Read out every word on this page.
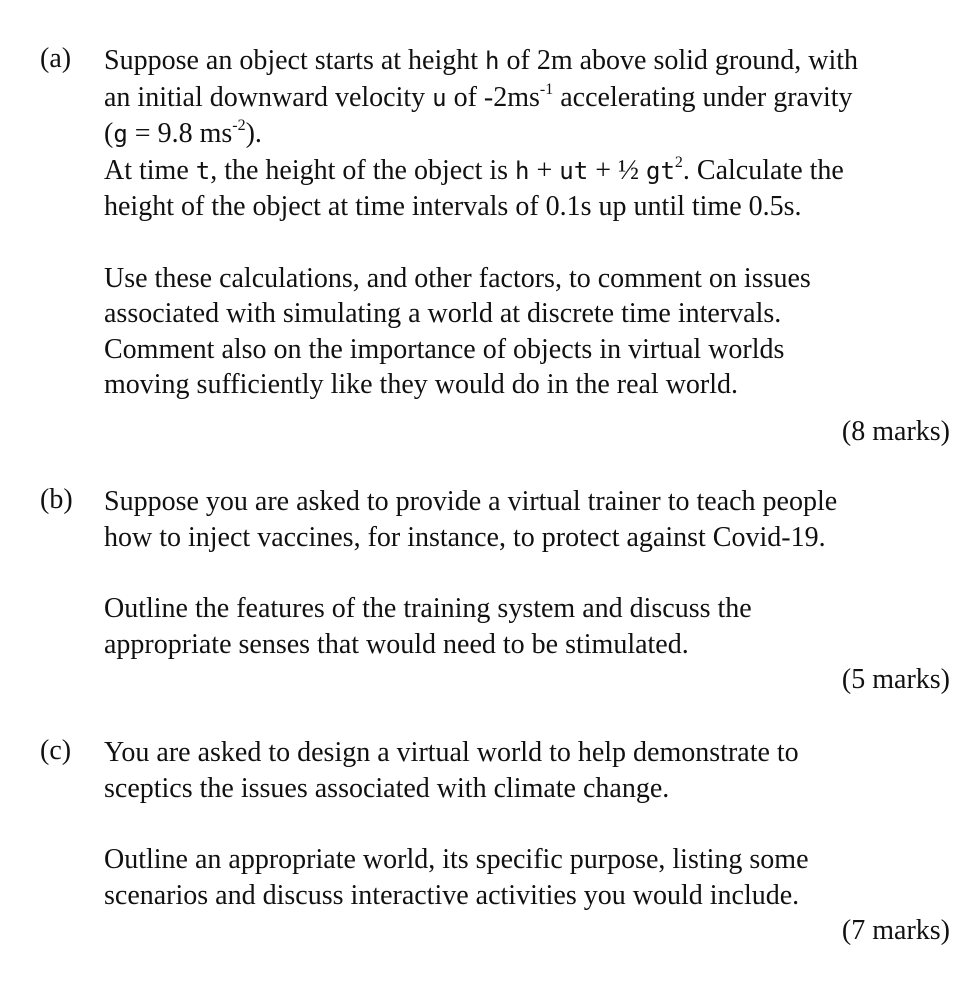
(a) Suppose an object starts at height h of 2m above solid ground, with
an initial downward velocity u of $-2ms^{-1}$ accelerating under gravity
(g = 9.8 $ms^{-2}$).
At time t, the height of the object is h + ut + ½ $gt^2$. Calculate the
height of the object at time intervals of 0.1s up until time 0.5s.
Use these calculations, and other factors, to comment on issues
associated with simulating a world at discrete time intervals.
Comment also on the importance of objects in virtual worlds
moving sufficiently like they would do in the real world.
(8 marks)
(b) Suppose you are asked to provide a virtual trainer to teach people
how to inject vaccines, for instance, to protect against Covid-19.
Outline the features of the training system and discuss the
appropriate senses that would need to be stimulated.
(5 marks)
(c) You are asked to design a virtual world to help demonstrate to
sceptics the issues associated with climate change.
Outline an appropriate world, its specific purpose, listing some
scenarios and discuss interactive activities you would include.
(7 marks)
